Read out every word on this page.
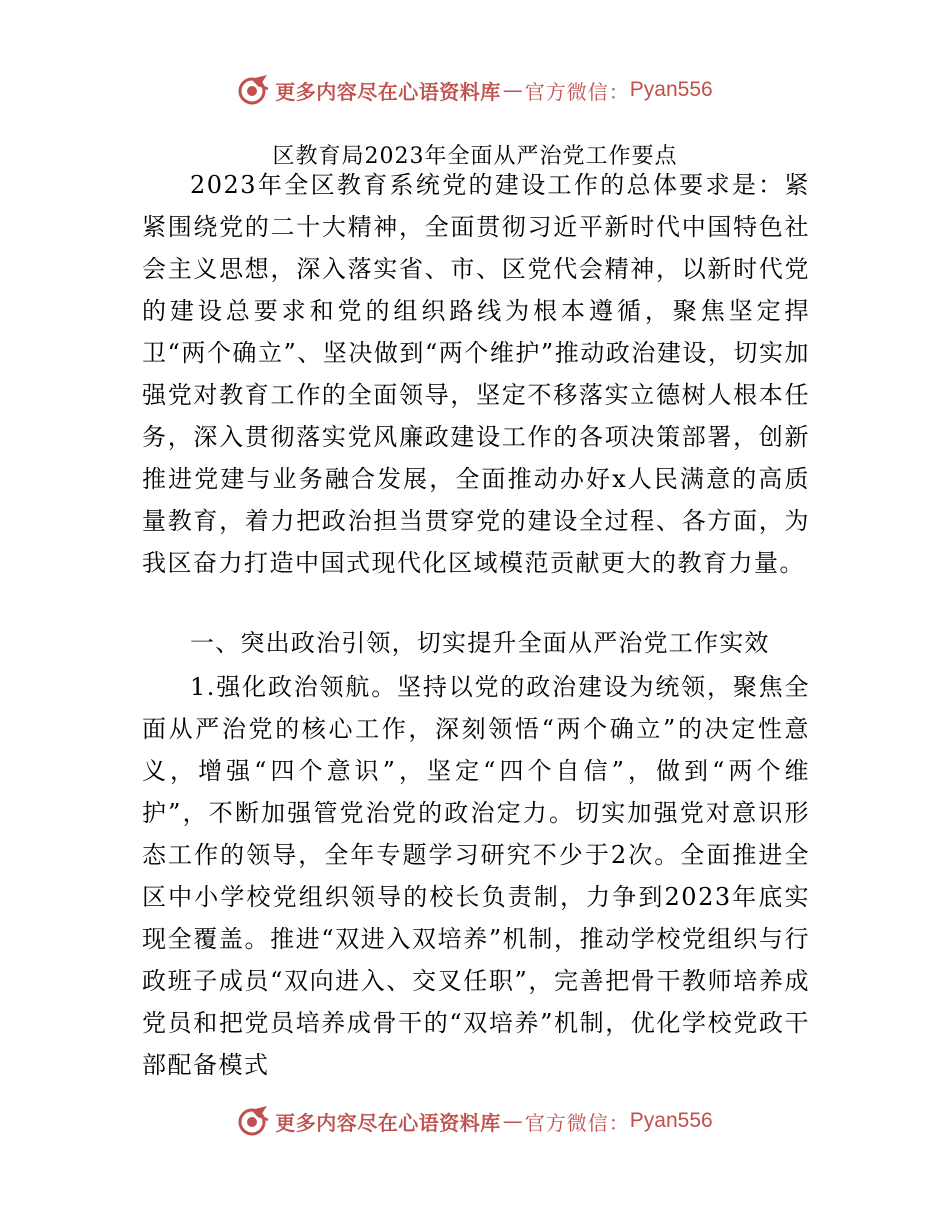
更多内容尽在心语资料库 — 官方微信： Pyan556
区教育局2023年全面从严治党工作要点

2023年全区教育系统党的建设工作的总体要求是：紧紧围绕党的二十大精神，全面贯彻习近平新时代中国特色社会主义思想，深入落实省、市、区党代会精神，以新时代党的建设总要求和党的组织路线为根本遵循，聚焦坚定捍卫“两个确立”、坚决做到“两个维护”推动政治建设，切实加强党对教育工作的全面领导，坚定不移落实立德树人根本任务，深入贯彻落实党风廉政建设工作的各项决策部署，创新推进党建与业务融合发展，全面推动办好x人民满意的高质量教育，着力把政治担当贯穿党的建设全过程、各方面，为我区奋力打造中国式现代化区域模范贡献更大的教育力量。

一、突出政治引领，切实提升全面从严治党工作实效

1.强化政治领航。坚持以党的政治建设为统领，聚焦全面从严治党的核心工作，深刻领悟“两个确立”的决定性意义，增强“四个意识”，坚定“四个自信”，做到“两个维护”，不断加强管党治党的政治定力。切实加强党对意识形态工作的领导，全年专题学习研究不少于2次。全面推进全区中小学校党组织领导的校长负责制，力争到2023年底实现全覆盖。推进“双进入双培养”机制，推动学校党组织与行政班子成员“双向进入、交叉任职”，完善把骨干教师培养成党员和把党员培养成骨干的“双培养”机制，优化学校党政干部配备模式

更多内容尽在心语资料库 — 官方微信： Pyan556
